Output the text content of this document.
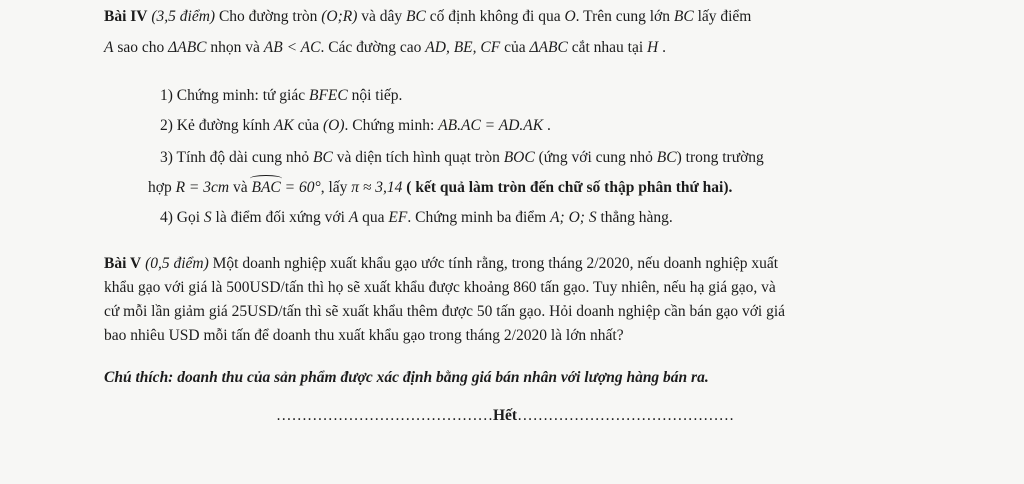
Bài IV (3,5 điểm) Cho đường tròn (O;R) và dây BC cố định không đi qua O. Trên cung lớn BC lấy điểm
A sao cho ΔABC nhọn và AB < AC. Các đường cao AD, BE, CF của ΔABC cắt nhau tại H .
1) Chứng minh: tứ giác BFEC nội tiếp.
2) Kẻ đường kính AK của (O). Chứng minh: AB.AC = AD.AK .
3) Tính độ dài cung nhỏ BC và diện tích hình quạt tròn BOC (ứng với cung nhỏ BC) trong trường
hợp R = 3cm và BAC = 60°, lấy π ≈ 3,14 ( kết quả làm tròn đến chữ số thập phân thứ hai).
4) Gọi S là điểm đối xứng với A qua EF. Chứng minh ba điểm A; O; S thẳng hàng.
Bài V (0,5 điểm) Một doanh nghiệp xuất khẩu gạo ước tính rằng, trong tháng 2/2020, nếu doanh nghiệp xuất
khẩu gạo với giá là 500USD/tấn thì họ sẽ xuất khẩu được khoảng 860 tấn gạo. Tuy nhiên, nếu hạ giá gạo, và
cứ mỗi lần giảm giá 25USD/tấn thì sẽ xuất khẩu thêm được 50 tấn gạo. Hỏi doanh nghiệp cần bán gạo với giá
bao nhiêu USD mỗi tấn để doanh thu xuất khẩu gạo trong tháng 2/2020 là lớn nhất?
Chú thích: doanh thu của sản phẩm được xác định bằng giá bán nhân với lượng hàng bán ra.
……………………………………Hết……………………………………
